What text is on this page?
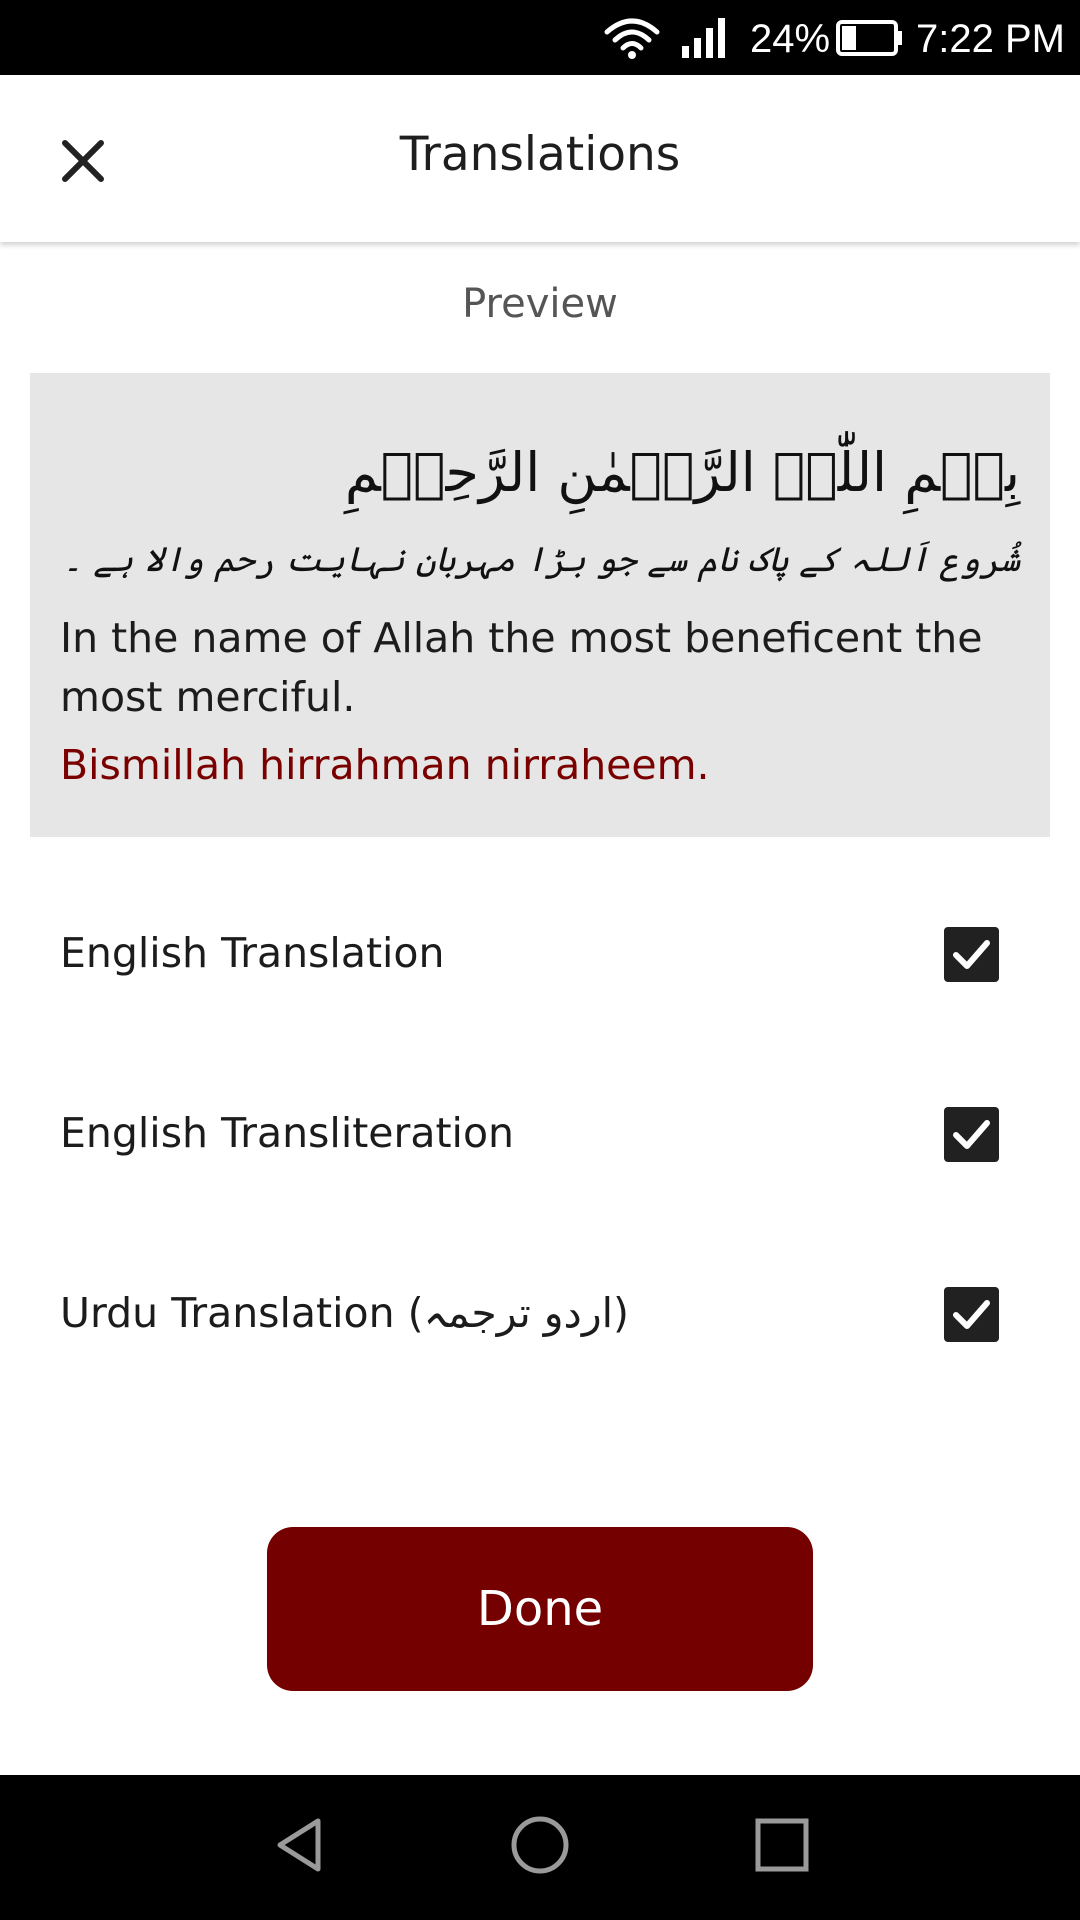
24% 7:22 PM
Translations
Preview
بِسۡمِ اللّٰہِ الرَّحۡمٰنِ الرَّحِیۡمِ
شُروع اَللہ کے پاک نام سے جو بڑا مہربان نہایت رحم والا ہے ۔
In the name of Allah the most beneficent the most merciful.
Bismillah hirrahman nirraheem.
English Translation
English Transliteration
Urdu Translation (اردو ترجمہ)
Done
